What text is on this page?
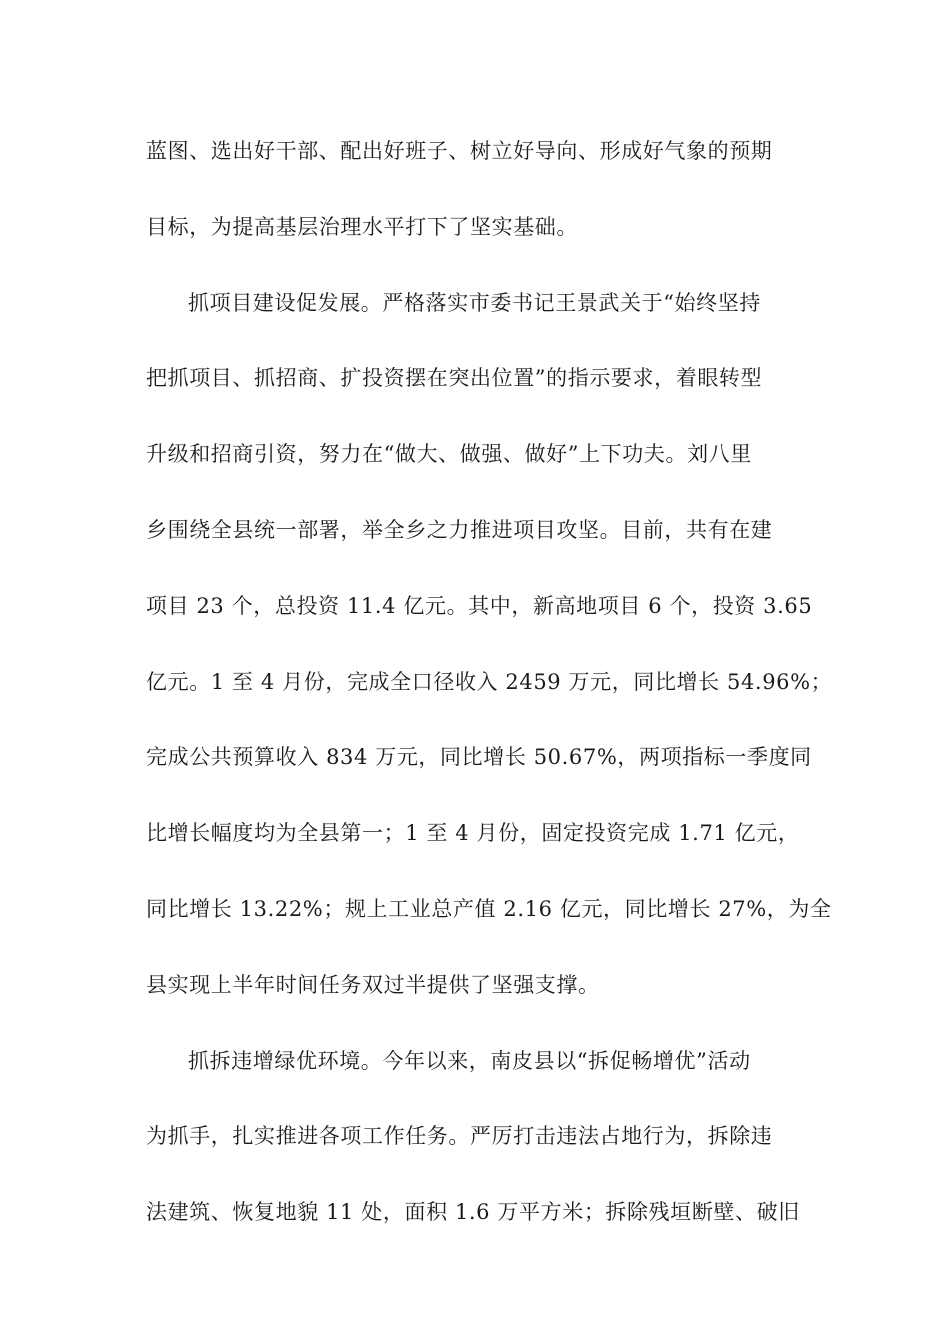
蓝图、选出好干部、配出好班子、树立好导向、形成好气象的预期
目标，为提高基层治理水平打下了坚实基础。
抓项目建设促发展。严格落实市委书记王景武关于“始终坚持
把抓项目、抓招商、扩投资摆在突出位置”的指示要求，着眼转型
升级和招商引资，努力在“做大、做强、做好”上下功夫。刘八里
乡围绕全县统一部署，举全乡之力推进项目攻坚。目前，共有在建
项目 23 个，总投资 11.4 亿元。其中，新高地项目 6 个，投资 3.65
亿元。1 至 4 月份，完成全口径收入 2459 万元，同比增长 54.96%；
完成公共预算收入 834 万元，同比增长 50.67%，两项指标一季度同
比增长幅度均为全县第一；1 至 4 月份，固定投资完成 1.71 亿元，
同比增长 13.22%；规上工业总产值 2.16 亿元，同比增长 27%，为全
县实现上半年时间任务双过半提供了坚强支撑。
抓拆违增绿优环境。今年以来，南皮县以“拆促畅增优”活动
为抓手，扎实推进各项工作任务。严厉打击违法占地行为，拆除违
法建筑、恢复地貌 11 处，面积 1.6 万平方米；拆除残垣断壁、破旧
